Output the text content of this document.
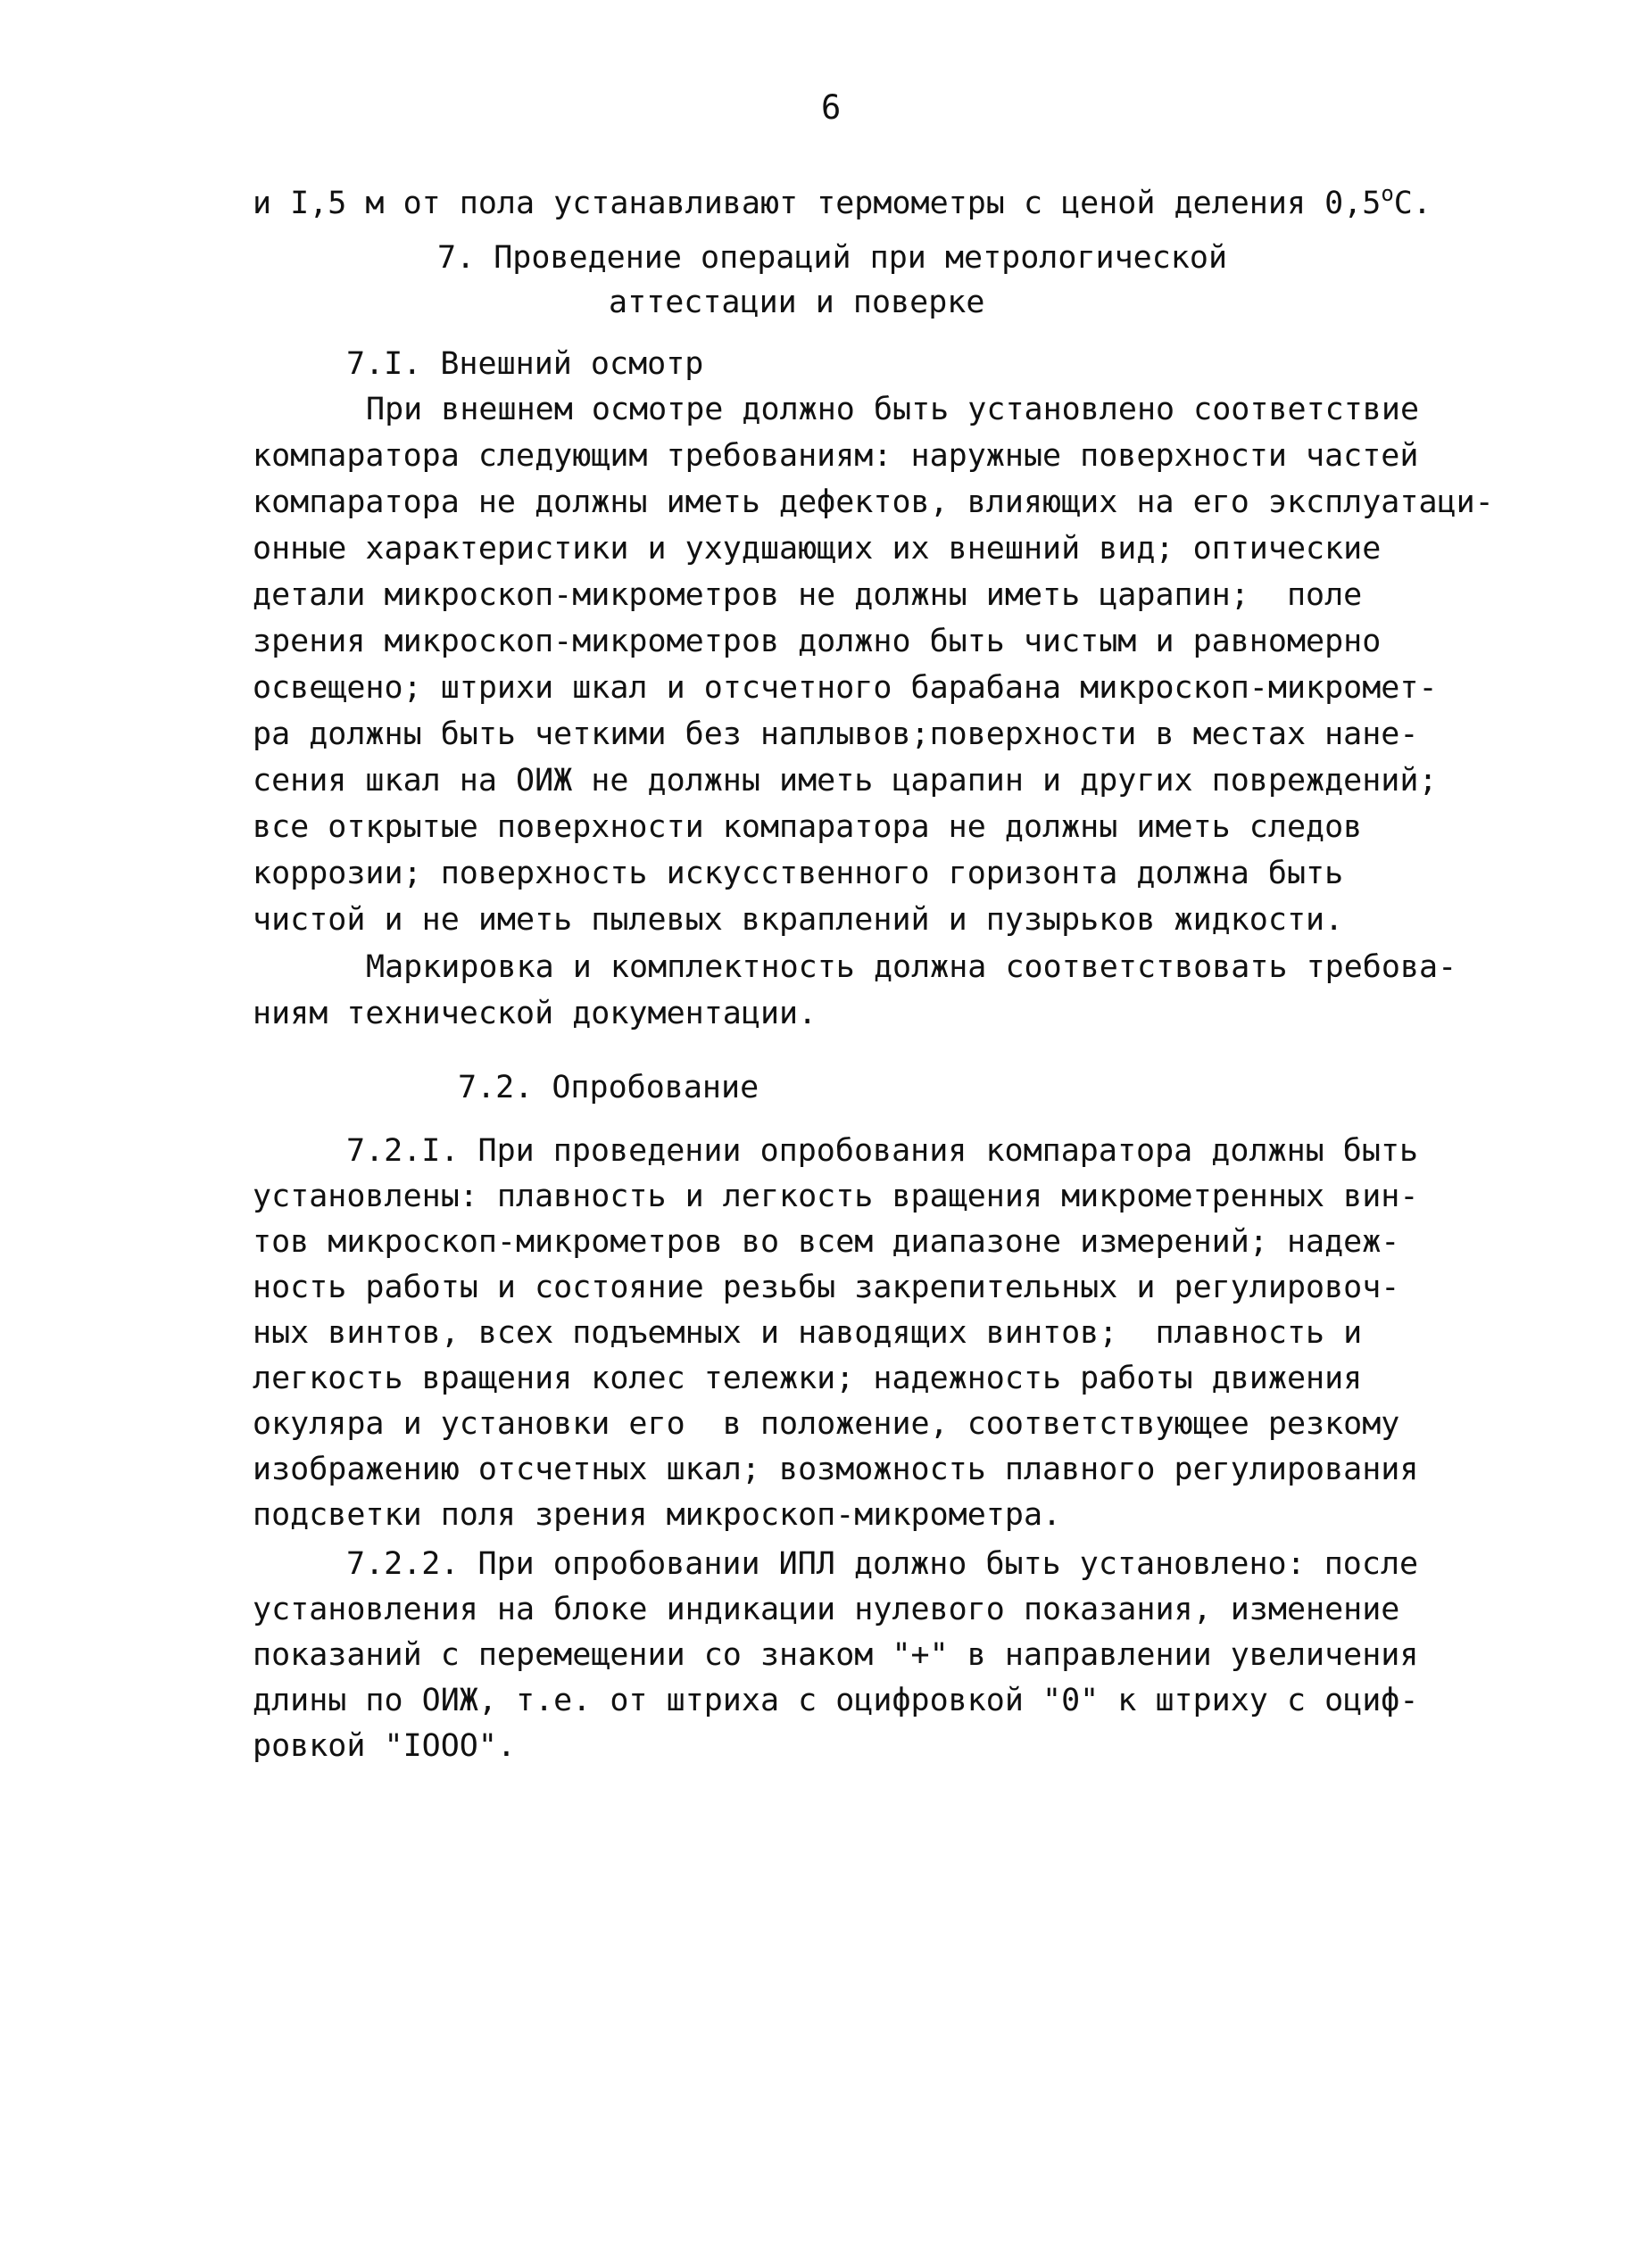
6
и I,5 м от пола устанавливают термометры с ценой деления $0,5^оС$.
7. Проведение операций при метрологической
аттестации и поверке
7.I. Внешний осмотр
При внешнем осмотре должно быть установлено соответствие
компаратора следующим требованиям: наружные поверхности частей
компаратора не должны иметь дефектов, влияющих на его эксплуатаци-
онные характеристики и ухудшающих их внешний вид; оптические
детали микроскоп-микрометров не должны иметь царапин;  поле
зрения микроскоп-микрометров должно быть чистым и равномерно
освещено; штрихи шкал и отсчетного барабана микроскоп-микромет-
ра должны быть четкими без наплывов;поверхности в местах нане-
сения шкал на ОИЖ не должны иметь царапин и других повреждений;
все открытые поверхности компаратора не должны иметь следов
коррозии; поверхность искусственного горизонта должна быть
чистой и не иметь пылевых вкраплений и пузырьков жидкости.
Маркировка и комплектность должна соответствовать требова-
ниям технической документации.
7.2. Опробование
7.2.I. При проведении опробования компаратора должны быть
установлены: плавность и легкость вращения микрометренных вин-
тов микроскоп-микрометров во всем диапазоне измерений; надеж-
ность работы и состояние резьбы закрепительных и регулировоч-
ных винтов, всех подъемных и наводящих винтов;  плавность и
легкость вращения колес тележки; надежность работы движения
окуляра и установки его  в положение, соответствующее резкому
изображению отсчетных шкал; возможность плавного регулирования
подсветки поля зрения микроскоп-микрометра.
7.2.2. При опробовании ИПЛ должно быть установлено: после
установления на блоке индикации нулевого показания, изменение
показаний с перемещении со знаком "+" в направлении увеличения
длины по ОИЖ, т.е. от штриха с оцифровкой "0" к штриху с оциф-
ровкой "IOOO".
